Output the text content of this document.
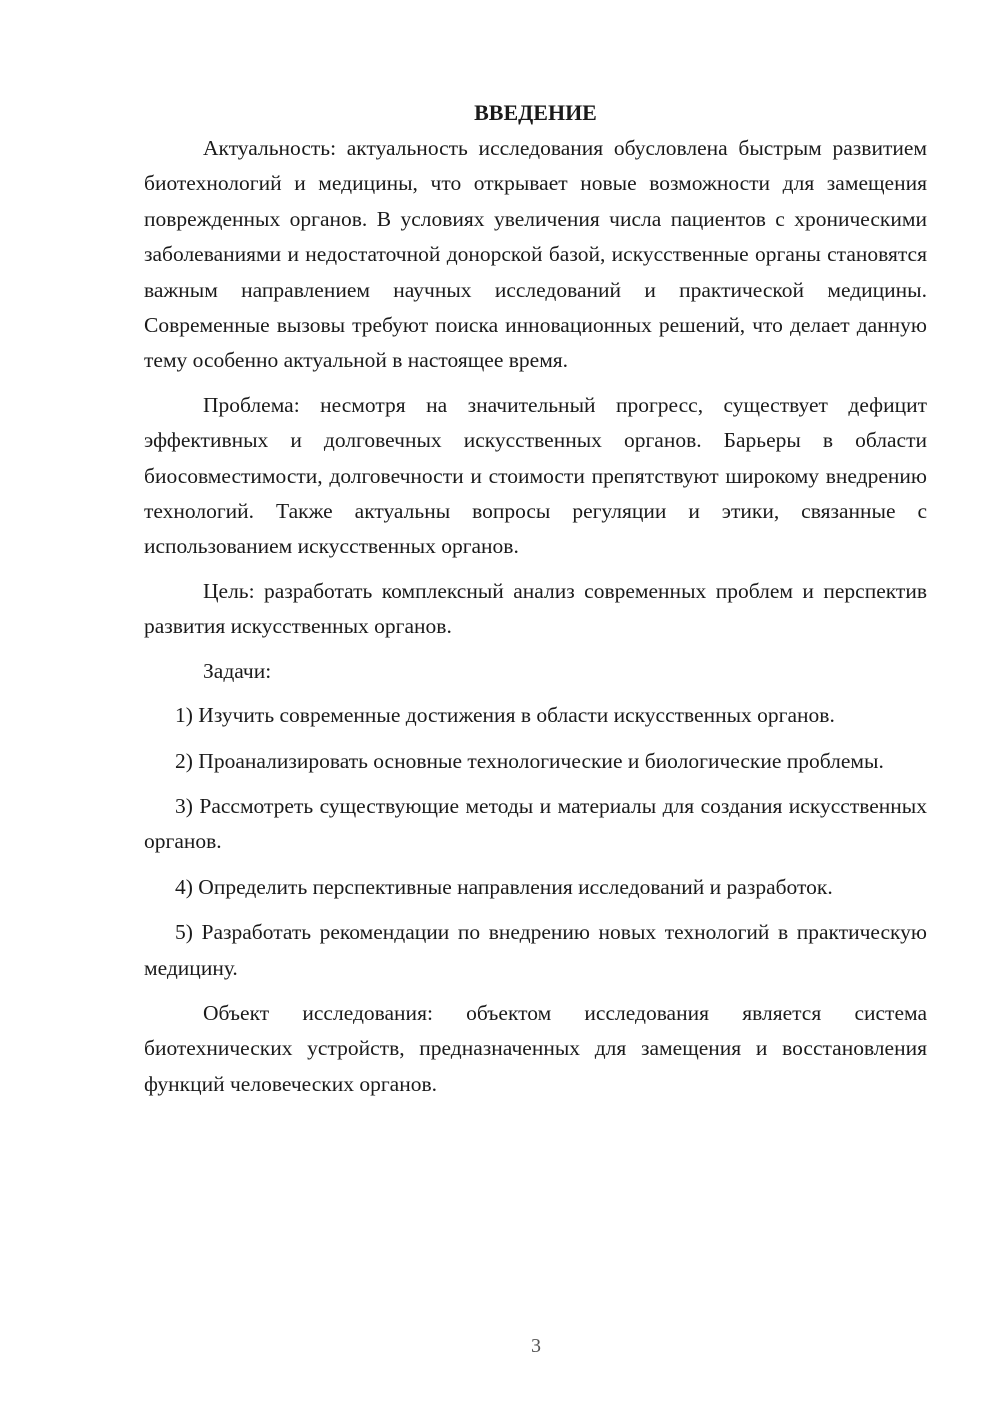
ВВЕДЕНИЕ

Актуальность: актуальность исследования обусловлена быстрым развитием биотехнологий и медицины, что открывает новые возможности для замещения поврежденных органов. В условиях увеличения числа пациентов с хроническими заболеваниями и недостаточной донорской базой, искусственные органы становятся важным направлением научных исследований и практической медицины. Современные вызовы требуют поиска инновационных решений, что делает данную тему особенно актуальной в настоящее время.

Проблема: несмотря на значительный прогресс, существует дефицит эффективных и долговечных искусственных органов. Барьеры в области биосовместимости, долговечности и стоимости препятствуют широкому внедрению технологий. Также актуальны вопросы регуляции и этики, связанные с использованием искусственных органов.

Цель: разработать комплексный анализ современных проблем и перспектив развития искусственных органов.

Задачи:

1) Изучить современные достижения в области искусственных органов.

2) Проанализировать основные технологические и биологические проблемы.

3) Рассмотреть существующие методы и материалы для создания искусственных органов.

4) Определить перспективные направления исследований и разработок.

5) Разработать рекомендации по внедрению новых технологий в практическую медицину.

Объект исследования: объектом исследования является система биотехнических устройств, предназначенных для замещения и восстановления функций человеческих органов.

3
